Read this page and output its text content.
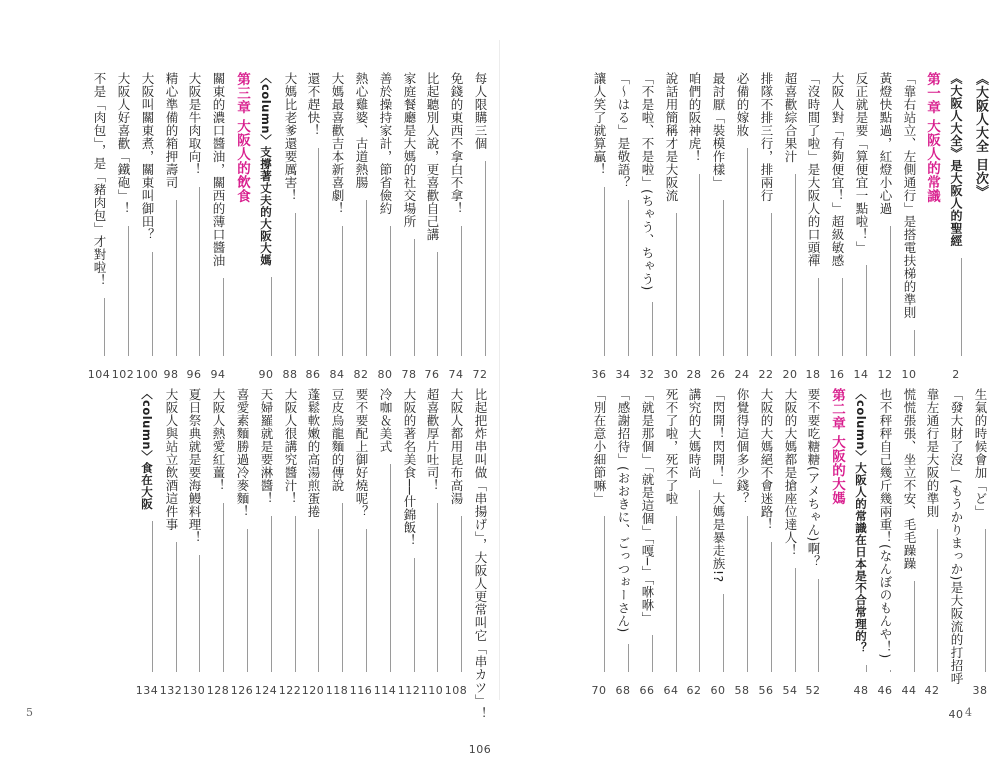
每人限購三個
72
免錢的東西不拿白不拿！
74
比起聽別人說，更喜歡自己講
76
家庭餐廳是大媽的社交場所
78
善於操持家計，節省儉約
80
熱心雞婆、古道熱腸
82
大媽最喜歡吉本新喜劇！
84
還不趕快！
86
大媽比老爹還要厲害！
88
〈column〉支撐著丈夫的大阪大媽
90
第三章 大阪人的飲食
關東的濃口醬油，關西的薄口醬油
94
大阪是牛肉取向！
96
精心準備的箱押壽司
98
大阪叫關東煮，關東叫御田？
100
大阪人好喜歡「鐵砲」！
102
不是「肉包」，是「豬肉包」才對啦！
104
比起把炸串叫做「串揚げ」，大阪人更常叫它「串カツ」！
106
大阪人都用昆布高湯
108
超喜歡厚片吐司！
110
大阪的著名美食──什錦飯！
112
冷咖＆美式
114
要不要配上御好燒呢？
116
豆皮烏龍麵的傳說
118
蓬鬆軟嫩的高湯煎蛋捲
120
大阪人很講究醬汁！
122
天婦羅就是要淋醬！
124
喜愛素麵勝過冷麥麵！
126
大阪人熱愛紅薑！
128
夏日祭典就是要海鰻料理！
130
大阪人與站立飲酒這件事
132
〈column〉食在大阪
134
《大阪人大全 目次》
《大阪人大全》是大阪人的聖經
2
第一章 大阪人的常識
「靠右站立、左側通行」是搭電扶梯的準則
10
黃燈快點過，紅燈小心過
12
反正就是要「算便宜一點啦！」
14
大阪人對「有夠便宜！」超級敏感
16
「沒時間了啦」是大阪人的口頭禪
18
超喜歡綜合果汁
20
排隊不排三行，排兩行
22
必備的嫁妝
24
最討厭「裝模作樣」
26
咱們的阪神虎！
28
說話用簡稱才是大阪流
30
「不是啦、不是啦」(ちゃう、ちゃう)
32
「～はる」是敬語？
34
讓人笑了就算贏！
36
生氣的時候會加「ど」
38
「發大財了沒」(もうかりまっか)是大阪流的打招呼
40
靠左通行是大阪的準則
42
慌慌張張、坐立不安、毛毛躁躁
44
也不秤秤自己幾斤幾兩重！(なんぼのもんや！)
46
〈column〉大阪人的常識在日本是不合常理的？
48
第二章 大阪的大媽
要不要吃糖糖(アメちゃん)啊？
52
大阪的大媽都是搶座位達人！
54
大阪的大媽絕不會迷路！
56
你覺得這個多少錢？
58
「閃開！閃開！」大媽是暴走族!?
60
講究的大媽時尚
62
死不了啦，死不了啦
64
「就是那個」「就是這個」「嘎─」「咻咻」
66
「感謝招待」(おおきに、ごっつぉーさん)
68
「別在意小細節嘛」
70
5	4
